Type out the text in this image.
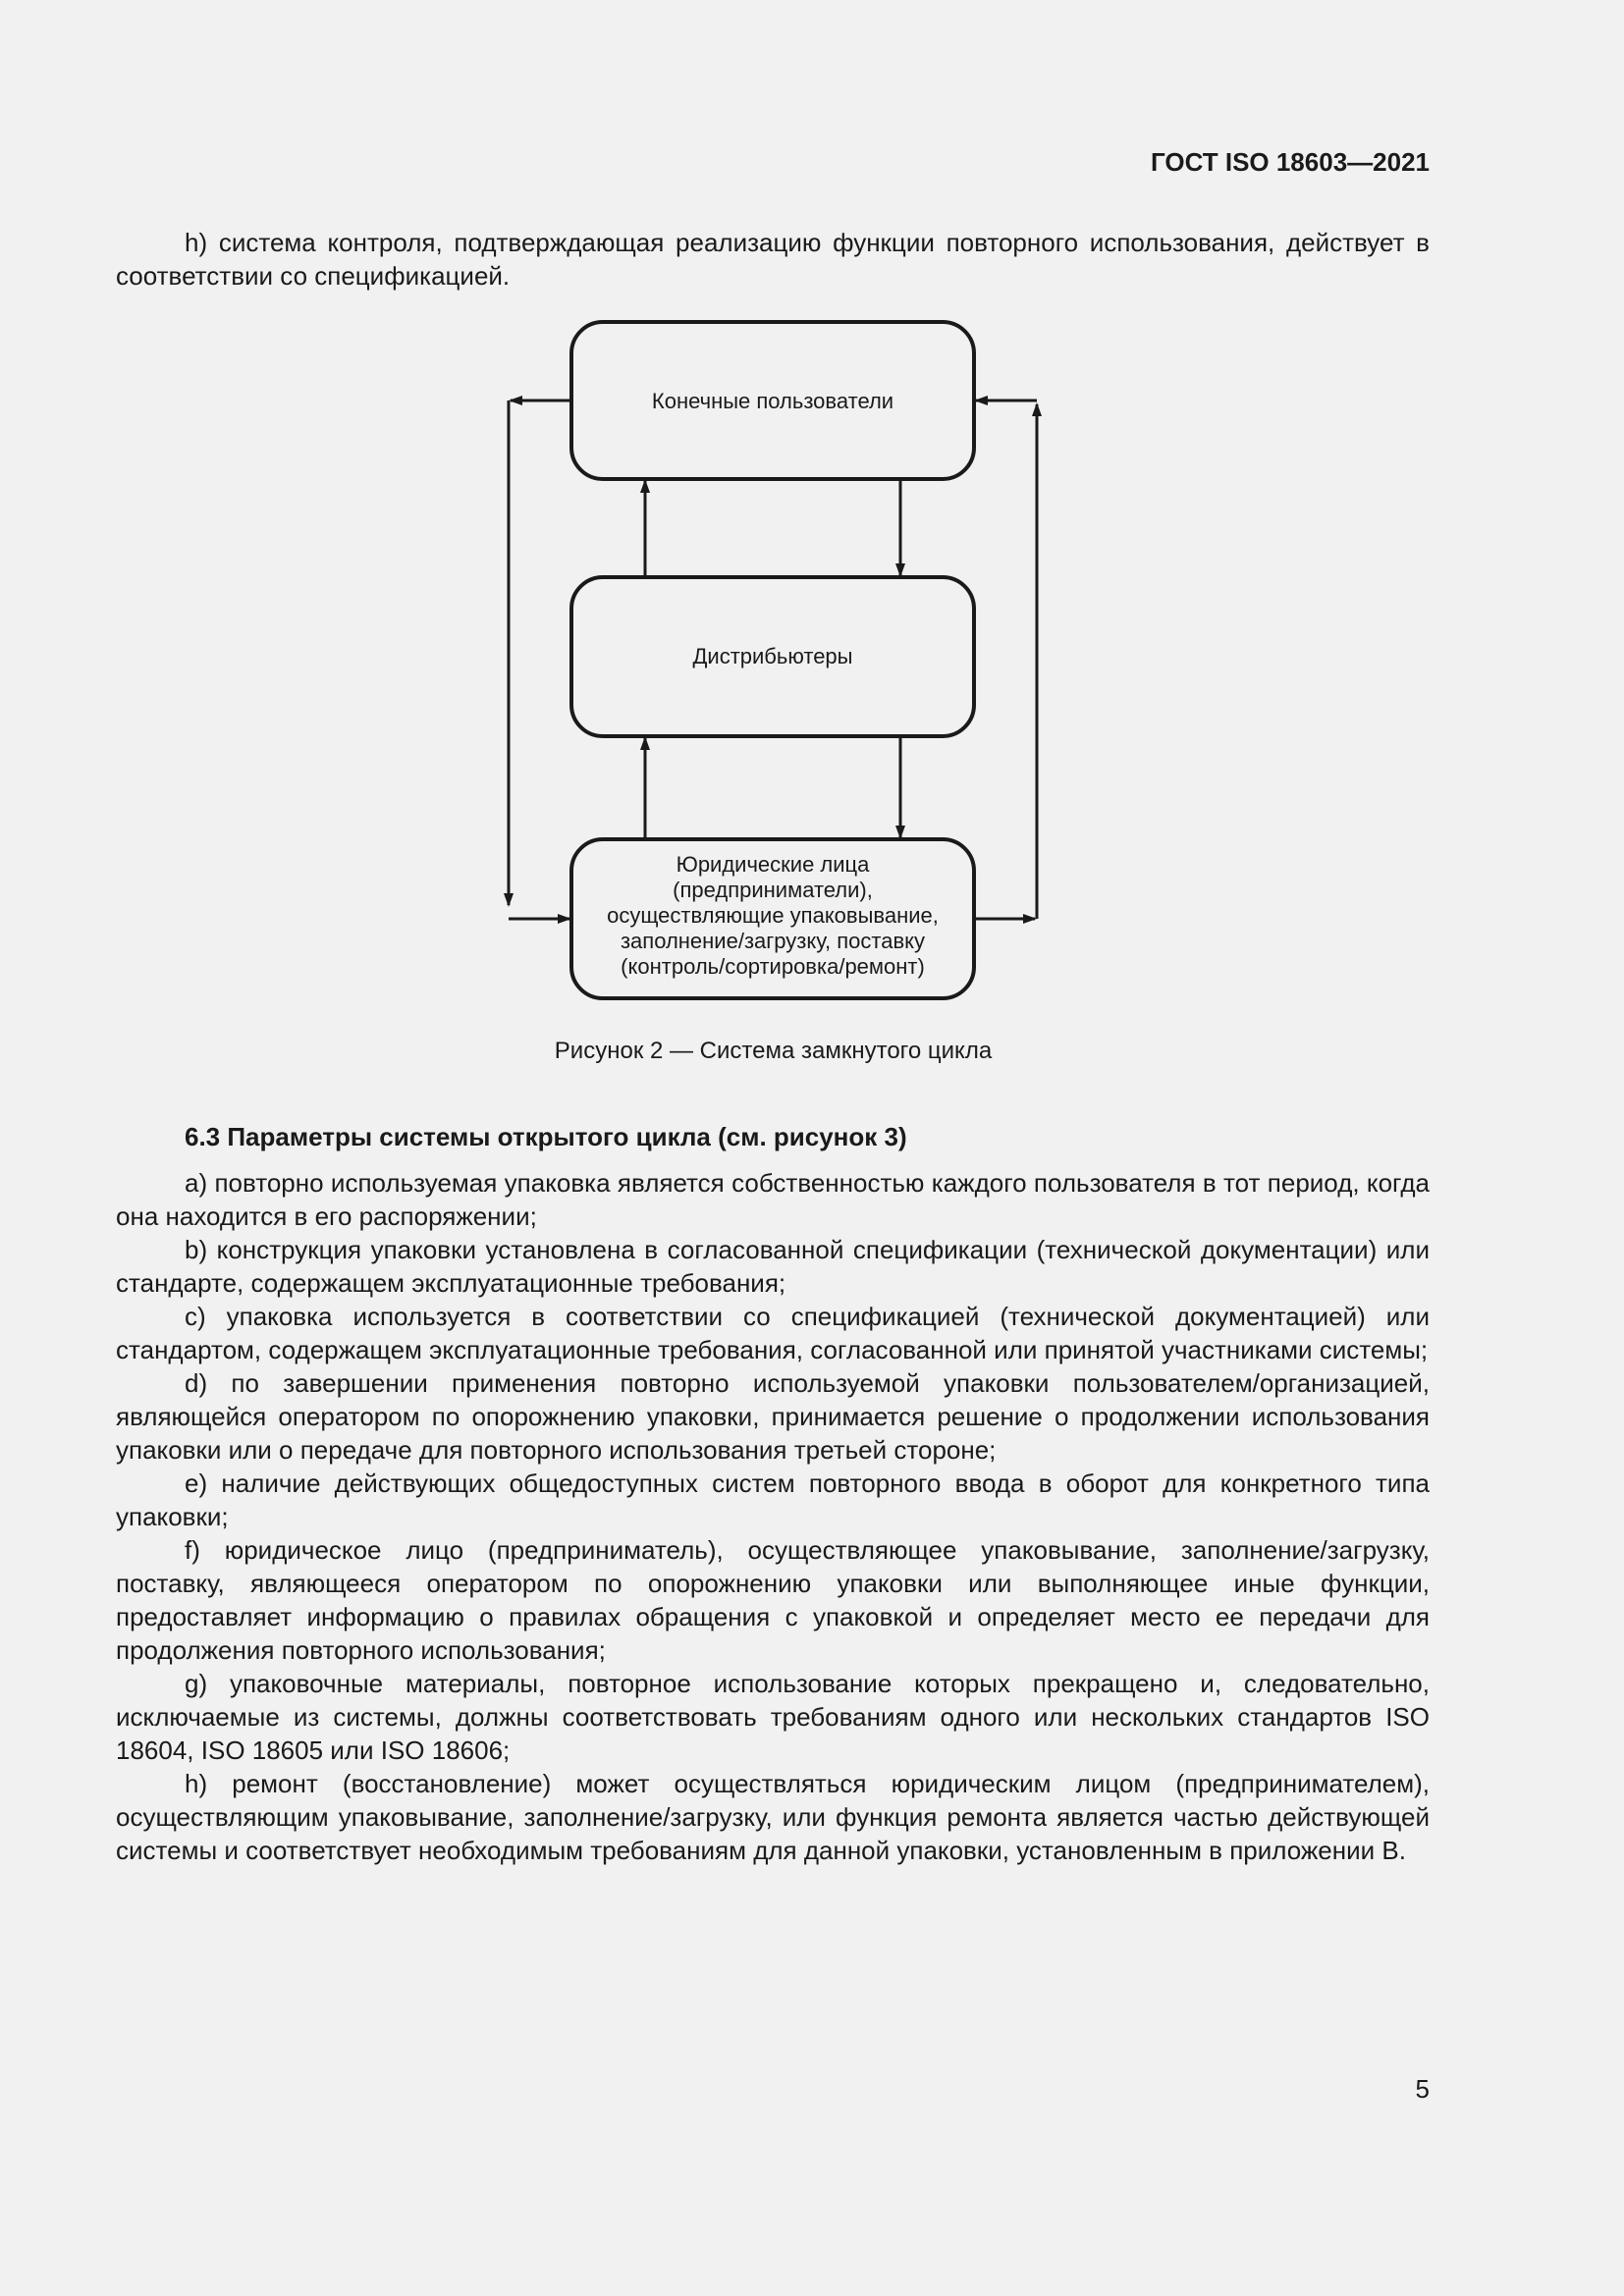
ГОСТ ISO 18603—2021

h) система контроля, подтверждающая реализацию функции повторного использования, действует в соответствии со спецификацией.

Конечные пользователи
Дистрибьютеры
Юридические лица
(предприниматели),
осуществляющие упаковывание,
заполнение/загрузку, поставку
(контроль/сортировка/ремонт)
Рисунок 2 — Система замкнутого цикла
6.3 Параметры системы открытого цикла (см. рисунок 3)

a) повторно используемая упаковка является собственностью каждого пользователя в тот период, когда она находится в его распоряжении;

b) конструкция упаковки установлена в согласованной спецификации (технической документации) или стандарте, содержащем эксплуатационные требования;

c) упаковка используется в соответствии со спецификацией (технической документацией) или стандартом, содержащем эксплуатационные требования, согласованной или принятой участниками системы;

d) по завершении применения повторно используемой упаковки пользователем/организацией, являющейся оператором по опорожнению упаковки, принимается решение о продолжении использования упаковки или о передаче для повторного использования третьей стороне;

e) наличие действующих общедоступных систем повторного ввода в оборот для конкретного типа упаковки;

f) юридическое лицо (предприниматель), осуществляющее упаковывание, заполнение/загрузку, поставку, являющееся оператором по опорожнению упаковки или выполняющее иные функции, предоставляет информацию о правилах обращения с упаковкой и определяет место ее передачи для продолжения повторного использования;

g) упаковочные материалы, повторное использование которых прекращено и, следовательно, исключаемые из системы, должны соответствовать требованиям одного или нескольких стандартов ISO 18604, ISO 18605 или ISO 18606;

h) ремонт (восстановление) может осуществляться юридическим лицом (предпринимателем), осуществляющим упаковывание, заполнение/загрузку, или функция ремонта является частью действующей системы и соответствует необходимым требованиям для данной упаковки, установленным в приложении B.

5
